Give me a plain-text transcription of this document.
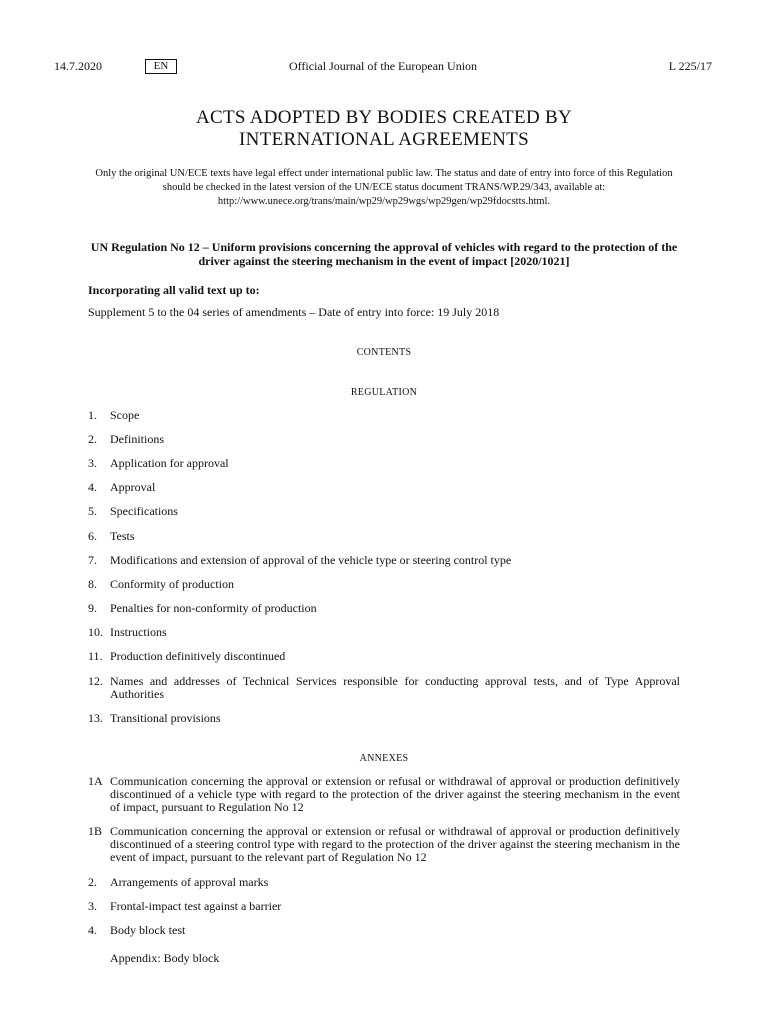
Official Journal of the European Union
14.7.2020	EN	L 225/17
ACTS ADOPTED BY BODIES CREATED BY
INTERNATIONAL AGREEMENTS
Only the original UN/ECE texts have legal effect under international public law. The status and date of entry into force of this Regulation should be checked in the latest version of the UN/ECE status document TRANS/WP.29/343, available at: http://www.unece.org/trans/main/wp29/wp29wgs/wp29gen/wp29fdocstts.html.
UN Regulation No 12 – Uniform provisions concerning the approval of vehicles with regard to the protection of the driver against the steering mechanism in the event of impact [2020/1021]
Incorporating all valid text up to:
Supplement 5 to the 04 series of amendments – Date of entry into force: 19 July 2018
CONTENTS
REGULATION
1.	Scope
2.	Definitions
3.	Application for approval
4.	Approval
5.	Specifications
6.	Tests
7.	Modifications and extension of approval of the vehicle type or steering control type
8.	Conformity of production
9.	Penalties for non-conformity of production
10. Instructions
11. Production definitively discontinued
12. Names and addresses of Technical Services responsible for conducting approval tests, and of Type Approval Authorities
13. Transitional provisions
ANNEXES
1A Communication concerning the approval or extension or refusal or withdrawal of approval or production definitively discontinued of a vehicle type with regard to the protection of the driver against the steering mechanism in the event of impact, pursuant to Regulation No 12
1B Communication concerning the approval or extension or refusal or withdrawal of approval or production definitively discontinued of a steering control type with regard to the protection of the driver against the steering mechanism in the event of impact, pursuant to the relevant part of Regulation No 12
2.	Arrangements of approval marks
3.	Frontal-impact test against a barrier
4.	Body block test
Appendix: Body block
